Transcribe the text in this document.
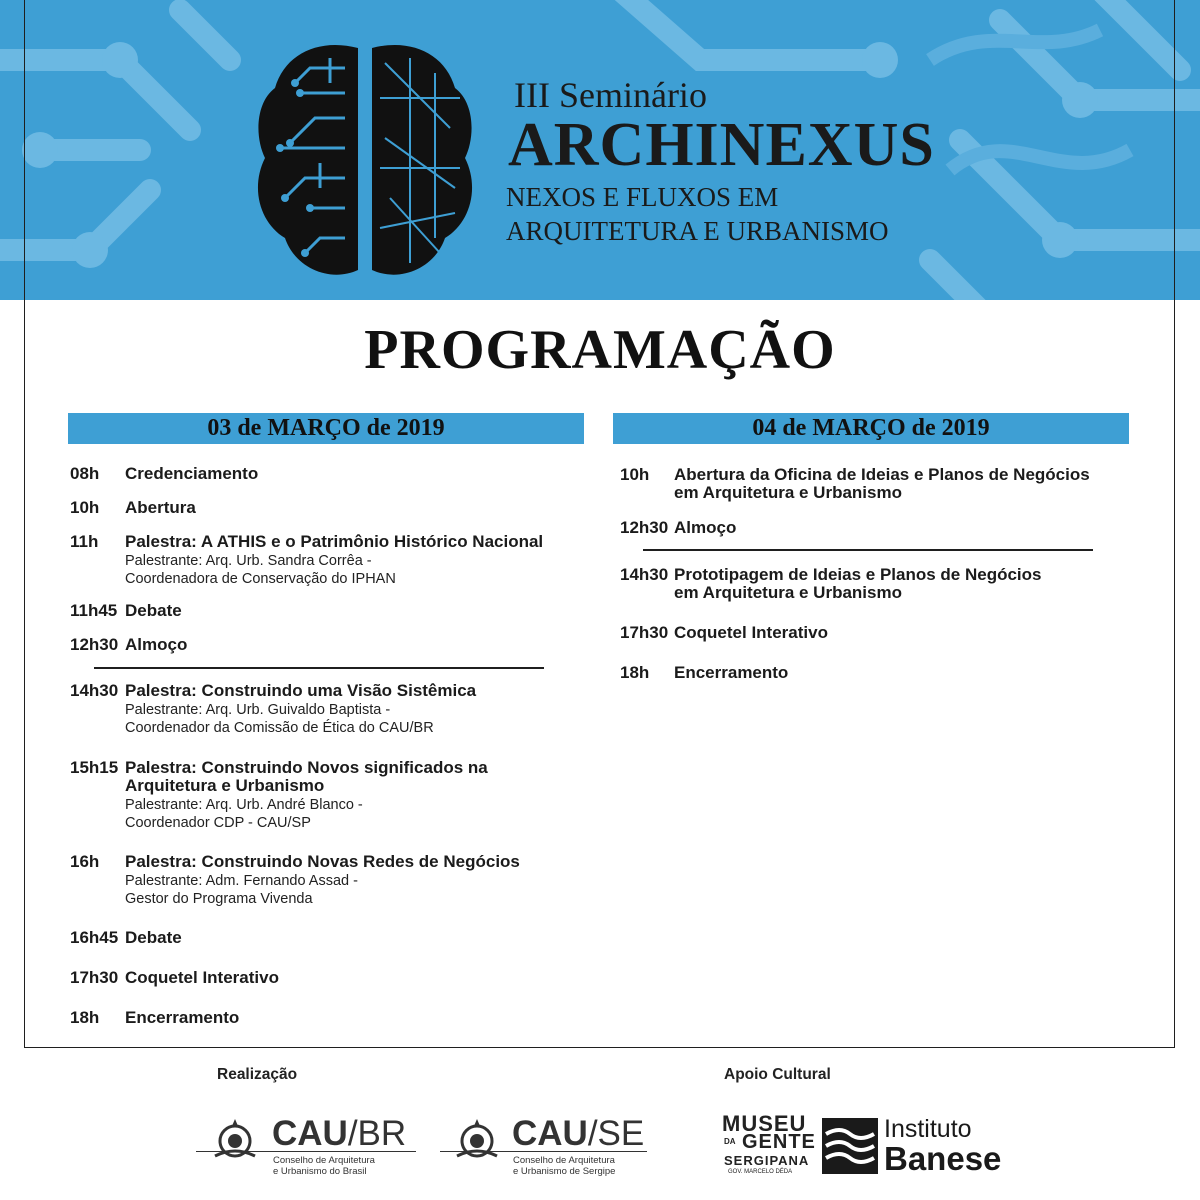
III Seminário
ARCHINEXUS
NEXOS E FLUXOS EM
ARQUITETURA E URBANISMO
PROGRAMAÇÃO
03 de MARÇO de 2019
08h Credenciamento
10h Abertura
11h Palestra: A ATHIS e o Patrimônio Histórico Nacional
Palestrante: Arq. Urb. Sandra Corrêa -
Coordenadora de Conservação do IPHAN
11h45 Debate
12h30 Almoço
14h30 Palestra: Construindo uma Visão Sistêmica
Palestrante: Arq. Urb. Guivaldo Baptista -
Coordenador da Comissão de Ética do CAU/BR
15h15 Palestra: Construindo Novos significados na
Arquitetura e Urbanismo
Palestrante: Arq. Urb. André Blanco -
Coordenador CDP - CAU/SP
16h Palestra: Construindo Novas Redes de Negócios
Palestrante: Adm. Fernando Assad -
Gestor do Programa Vivenda
16h45 Debate
17h30 Coquetel Interativo
18h Encerramento
04 de MARÇO de 2019
10h Abertura da Oficina de Ideias e Planos de Negócios
em Arquitetura e Urbanismo
12h30 Almoço
14h30 Prototipagem de Ideias e Planos de Negócios
em Arquitetura e Urbanismo
17h30 Coquetel Interativo
18h Encerramento
Realização	Apoio Cultural
CAU/BR
Conselho de Arquitetura
e Urbanismo do Brasil
CAU/SE
Conselho de Arquitetura
e Urbanismo de Sergipe
MUSEU
DA GENTE
SERGIPANA
GOV. MARCELO DÉDA
Instituto
Banese
